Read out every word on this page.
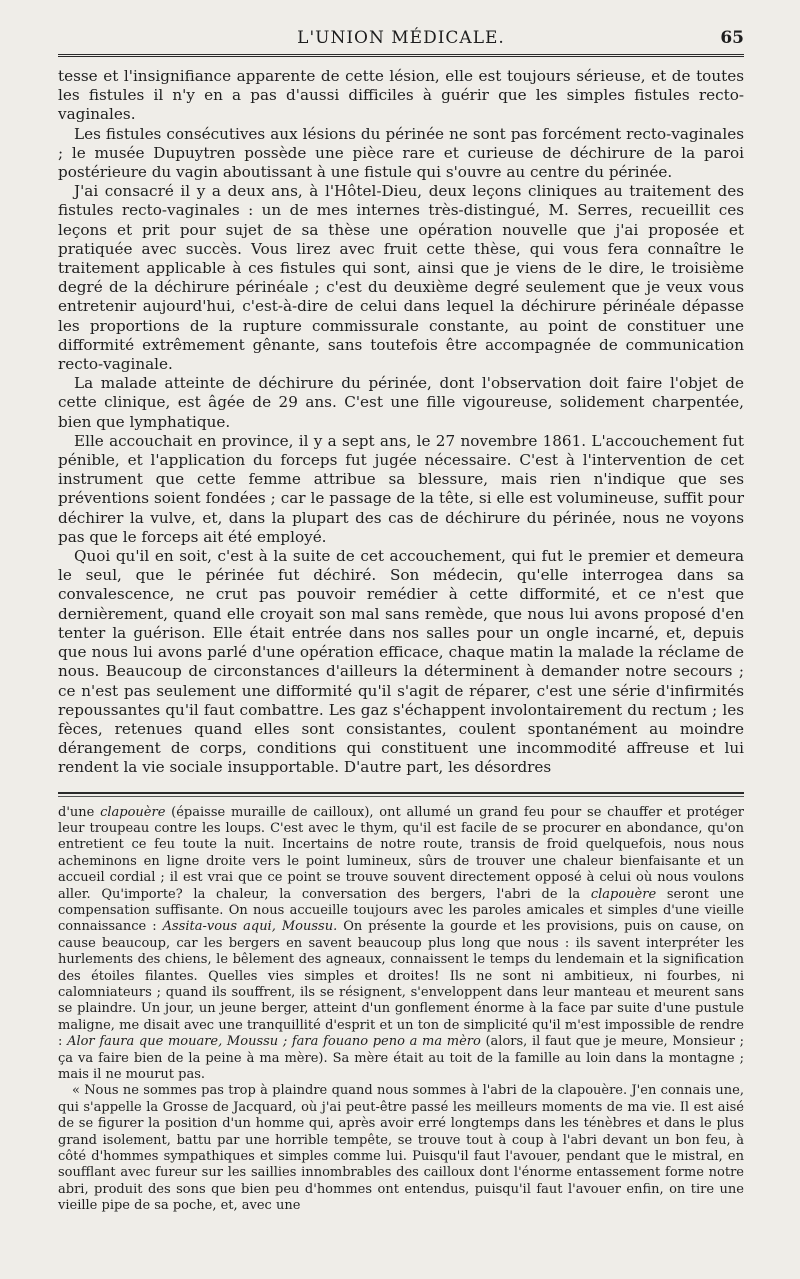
L'UNION MÉDICALE.	65

tesse et l'insignifiance apparente de cette lésion, elle est toujours sérieuse, et de toutes les fistules il n'y en a pas d'aussi difficiles à guérir que les simples fistules recto-vaginales.

Les fistules consécutives aux lésions du périnée ne sont pas forcément recto-vaginales ; le musée Dupuytren possède une pièce rare et curieuse de déchirure de la paroi postérieure du vagin aboutissant à une fistule qui s'ouvre au centre du périnée.

J'ai consacré il y a deux ans, à l'Hôtel-Dieu, deux leçons cliniques au traitement des fistules recto-vaginales : un de mes internes très-distingué, M. Serres, recueillit ces leçons et prit pour sujet de sa thèse une opération nouvelle que j'ai proposée et pratiquée avec succès. Vous lirez avec fruit cette thèse, qui vous fera connaître le traitement applicable à ces fistules qui sont, ainsi que je viens de le dire, le troisième degré de la déchirure périnéale ; c'est du deuxième degré seulement que je veux vous entretenir aujourd'hui, c'est-à-dire de celui dans lequel la déchirure périnéale dépasse les proportions de la rupture commissurale constante, au point de constituer une difformité extrêmement gênante, sans toutefois être accompagnée de communication recto-vaginale.

La malade atteinte de déchirure du périnée, dont l'observation doit faire l'objet de cette clinique, est âgée de 29 ans. C'est une fille vigoureuse, solidement charpentée, bien que lymphatique.

Elle accouchait en province, il y a sept ans, le 27 novembre 1861. L'accouchement fut pénible, et l'application du forceps fut jugée nécessaire. C'est à l'intervention de cet instrument que cette femme attribue sa blessure, mais rien n'indique que ses préventions soient fondées ; car le passage de la tête, si elle est volumineuse, suffit pour déchirer la vulve, et, dans la plupart des cas de déchirure du périnée, nous ne voyons pas que le forceps ait été employé.

Quoi qu'il en soit, c'est à la suite de cet accouchement, qui fut le premier et demeura le seul, que le périnée fut déchiré. Son médecin, qu'elle interrogea dans sa convalescence, ne crut pas pouvoir remédier à cette difformité, et ce n'est que dernièrement, quand elle croyait son mal sans remède, que nous lui avons proposé d'en tenter la guérison. Elle était entrée dans nos salles pour un ongle incarné, et, depuis que nous lui avons parlé d'une opération efficace, chaque matin la malade la réclame de nous. Beaucoup de circonstances d'ailleurs la déterminent à demander notre secours ; ce n'est pas seulement une difformité qu'il s'agit de réparer, c'est une série d'infirmités repoussantes qu'il faut combattre. Les gaz s'échappent involontairement du rectum ; les fèces, retenues quand elles sont consistantes, coulent spontanément au moindre dérangement de corps, conditions qui constituent une incommodité affreuse et lui rendent la vie sociale insupportable. D'autre part, les désordres

d'une clapouère (épaisse muraille de cailloux), ont allumé un grand feu pour se chauffer et protéger leur troupeau contre les loups. C'est avec le thym, qu'il est facile de se procurer en abondance, qu'on entretient ce feu toute la nuit. Incertains de notre route, transis de froid quelquefois, nous nous acheminons en ligne droite vers le point lumineux, sûrs de trouver une chaleur bienfaisante et un accueil cordial ; il est vrai que ce point se trouve souvent directement opposé à celui où nous voulons aller. Qu'importe? la chaleur, la conversation des bergers, l'abri de la clapouère seront une compensation suffisante. On nous accueille toujours avec les paroles amicales et simples d'une vieille connaissance : Assita-vous aqui, Moussu. On présente la gourde et les provisions, puis on cause, on cause beaucoup, car les bergers en savent beaucoup plus long que nous : ils savent interpréter les hurlements des chiens, le bêlement des agneaux, connaissent le temps du lendemain et la signification des étoiles filantes. Quelles vies simples et droites! Ils ne sont ni ambitieux, ni fourbes, ni calomniateurs ; quand ils souffrent, ils se résignent, s'enveloppent dans leur manteau et meurent sans se plaindre. Un jour, un jeune berger, atteint d'un gonflement énorme à la face par suite d'une pustule maligne, me disait avec une tranquillité d'esprit et un ton de simplicité qu'il m'est impossible de rendre : Alor faura que mouare, Moussu ; fara fouano peno a ma mèro (alors, il faut que je meure, Monsieur ; ça va faire bien de la peine à ma mère). Sa mère était au toit de la famille au loin dans la montagne ; mais il ne mourut pas.

« Nous ne sommes pas trop à plaindre quand nous sommes à l'abri de la clapouère. J'en connais une, qui s'appelle la Grosse de Jacquard, où j'ai peut-être passé les meilleurs moments de ma vie. Il est aisé de se figurer la position d'un homme qui, après avoir erré longtemps dans les ténèbres et dans le plus grand isolement, battu par une horrible tempête, se trouve tout à coup à l'abri devant un bon feu, à côté d'hommes sympathiques et simples comme lui. Puisqu'il faut l'avouer, pendant que le mistral, en soufflant avec fureur sur les saillies innombrables des cailloux dont l'énorme entassement forme notre abri, produit des sons que bien peu d'hommes ont entendus, puisqu'il faut l'avouer enfin, on tire une vieille pipe de sa poche, et, avec une
